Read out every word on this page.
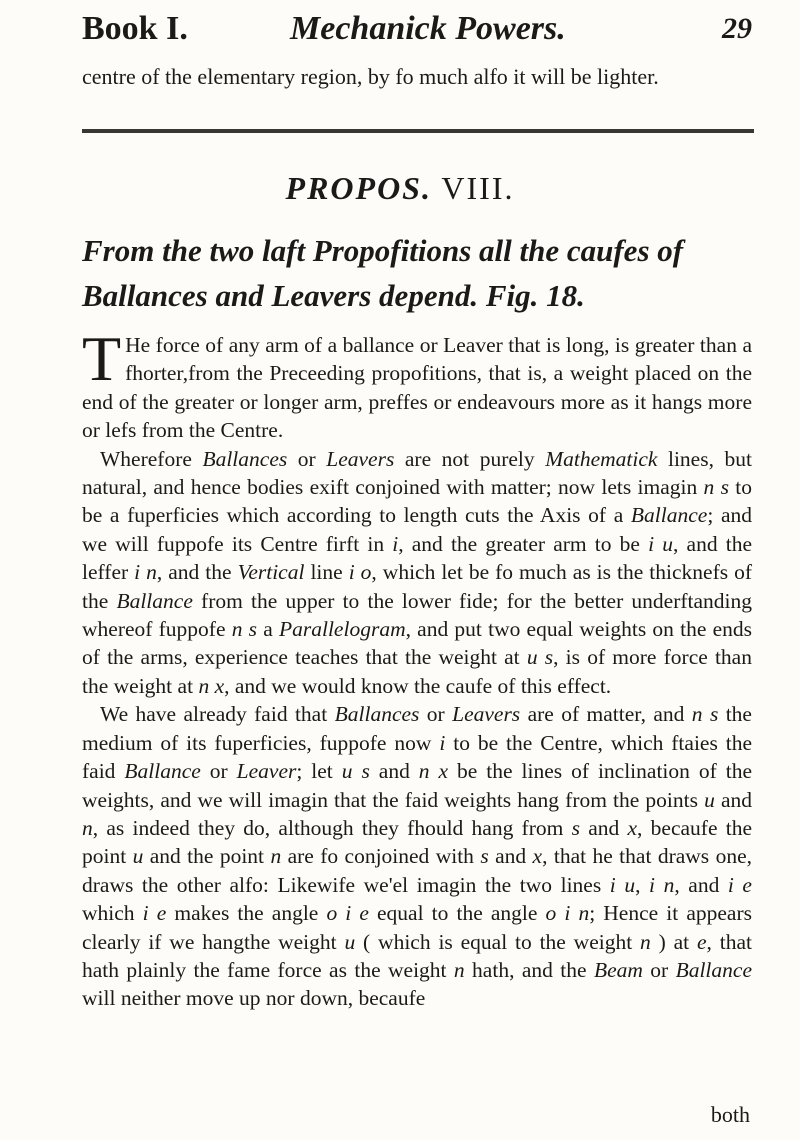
Book I.	Mechanick Powers.	29
centre of the elementary region, by fo much alfo it will be lighter.
PROPOS. VIII.
From the two laft Propofitions all the caufes of Ballances and Leavers depend. Fig. 18.

T He force of any arm of a ballance or Leaver that is long, is greater than a fhorter,from the Preceeding propofitions, that is, a weight placed on the end of the greater or longer arm, preffes or endeavours more as it hangs more or lefs from the Centre.

Wherefore Ballances or Leavers are not purely Mathematick lines, but natural, and hence bodies exift conjoined with matter; now lets imagin n s to be a fuperficies which according to length cuts the Axis of a Ballance; and we will fuppofe its Centre firft in i, and the greater arm to be i u, and the leffer i n, and the Vertical line i o, which let be fo much as is the thicknefs of the Ballance from the upper to the lower fide; for the better underftanding whereof fuppofe n s a Parallelogram, and put two equal weights on the ends of the arms, experience teaches that the weight at u s, is of more force than the weight at n x, and we would know the caufe of this effect.

We have already faid that Ballances or Leavers are of matter, and n s the medium of its fuperficies, fuppofe now i to be the Centre, which ftaies the faid Ballance or Leaver; let u s and n x be the lines of inclination of the weights, and we will imagin that the faid weights hang from the points u and n, as indeed they do, although they fhould hang from s and x, becaufe the point u and the point n are fo conjoined with s and x, that he that draws one, draws the other alfo: Likewife we'el imagin the two lines i u, i n, and i e which i e makes the angle o i e equal to the angle o i n; Hence it appears clearly if we hangthe weight u ( which is equal to the weight n ) at e, that hath plainly the fame force as the weight n hath, and the Beam or Ballance will neither move up nor down, becaufe

both
